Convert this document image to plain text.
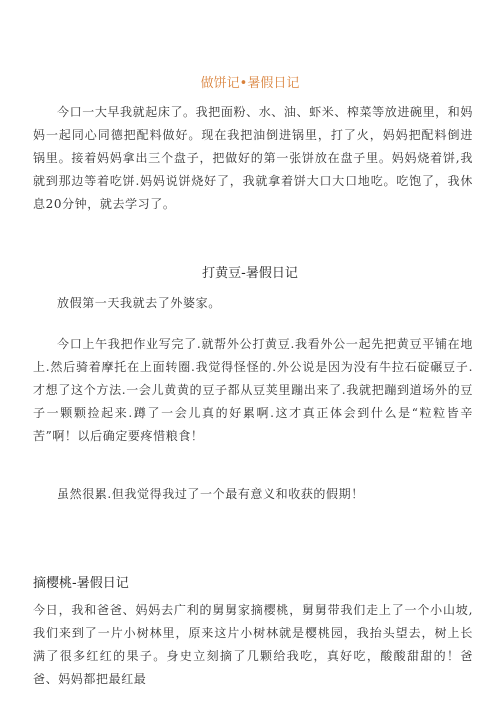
做饼记•暑假日记

今口一大早我就起床了。我把面粉、水、油、虾米、榨菜等放进碗里，和妈妈一起同心同德把配料做好。现在我把油倒进锅里，打了火，妈妈把配料倒进锅里。接着妈妈拿出三个盘子，把做好的第一张饼放在盘子里。妈妈烧着饼,我就到那边等着吃饼.妈妈说饼烧好了，我就拿着饼大口大口地吃。吃饱了，我休息20分钟，就去学习了。

打黄豆-暑假日记

放假第一天我就去了外婆家。

今口上午我把作业写完了.就帮外公打黄豆.我看外公一起先把黄豆平铺在地上.然后骑着摩托在上面转圈.我觉得怪怪的.外公说是因为没有牛拉石碇碾豆子.才想了这个方法.一会儿黄黄的豆子都从豆荚里蹦出来了.我就把蹦到道场外的豆子一颗颗捡起来.蹲了一会儿真的好累啊.这才真正体会到什么是“粒粒皆辛苦”啊！以后确定要疼惜粮食！

虽然很累.但我觉得我过了一个最有意义和收获的假期！

摘樱桃-暑假日记

今日，我和爸爸、妈妈去广利的舅舅家摘樱桃，舅舅带我们走上了一个小山坡,我们来到了一片小树林里，原来这片小树林就是樱桃园，我抬头望去，树上长满了很多红红的果子。身史立刻摘了几颗给我吃，真好吃，酸酸甜甜的！爸爸、妈妈都把最红最
